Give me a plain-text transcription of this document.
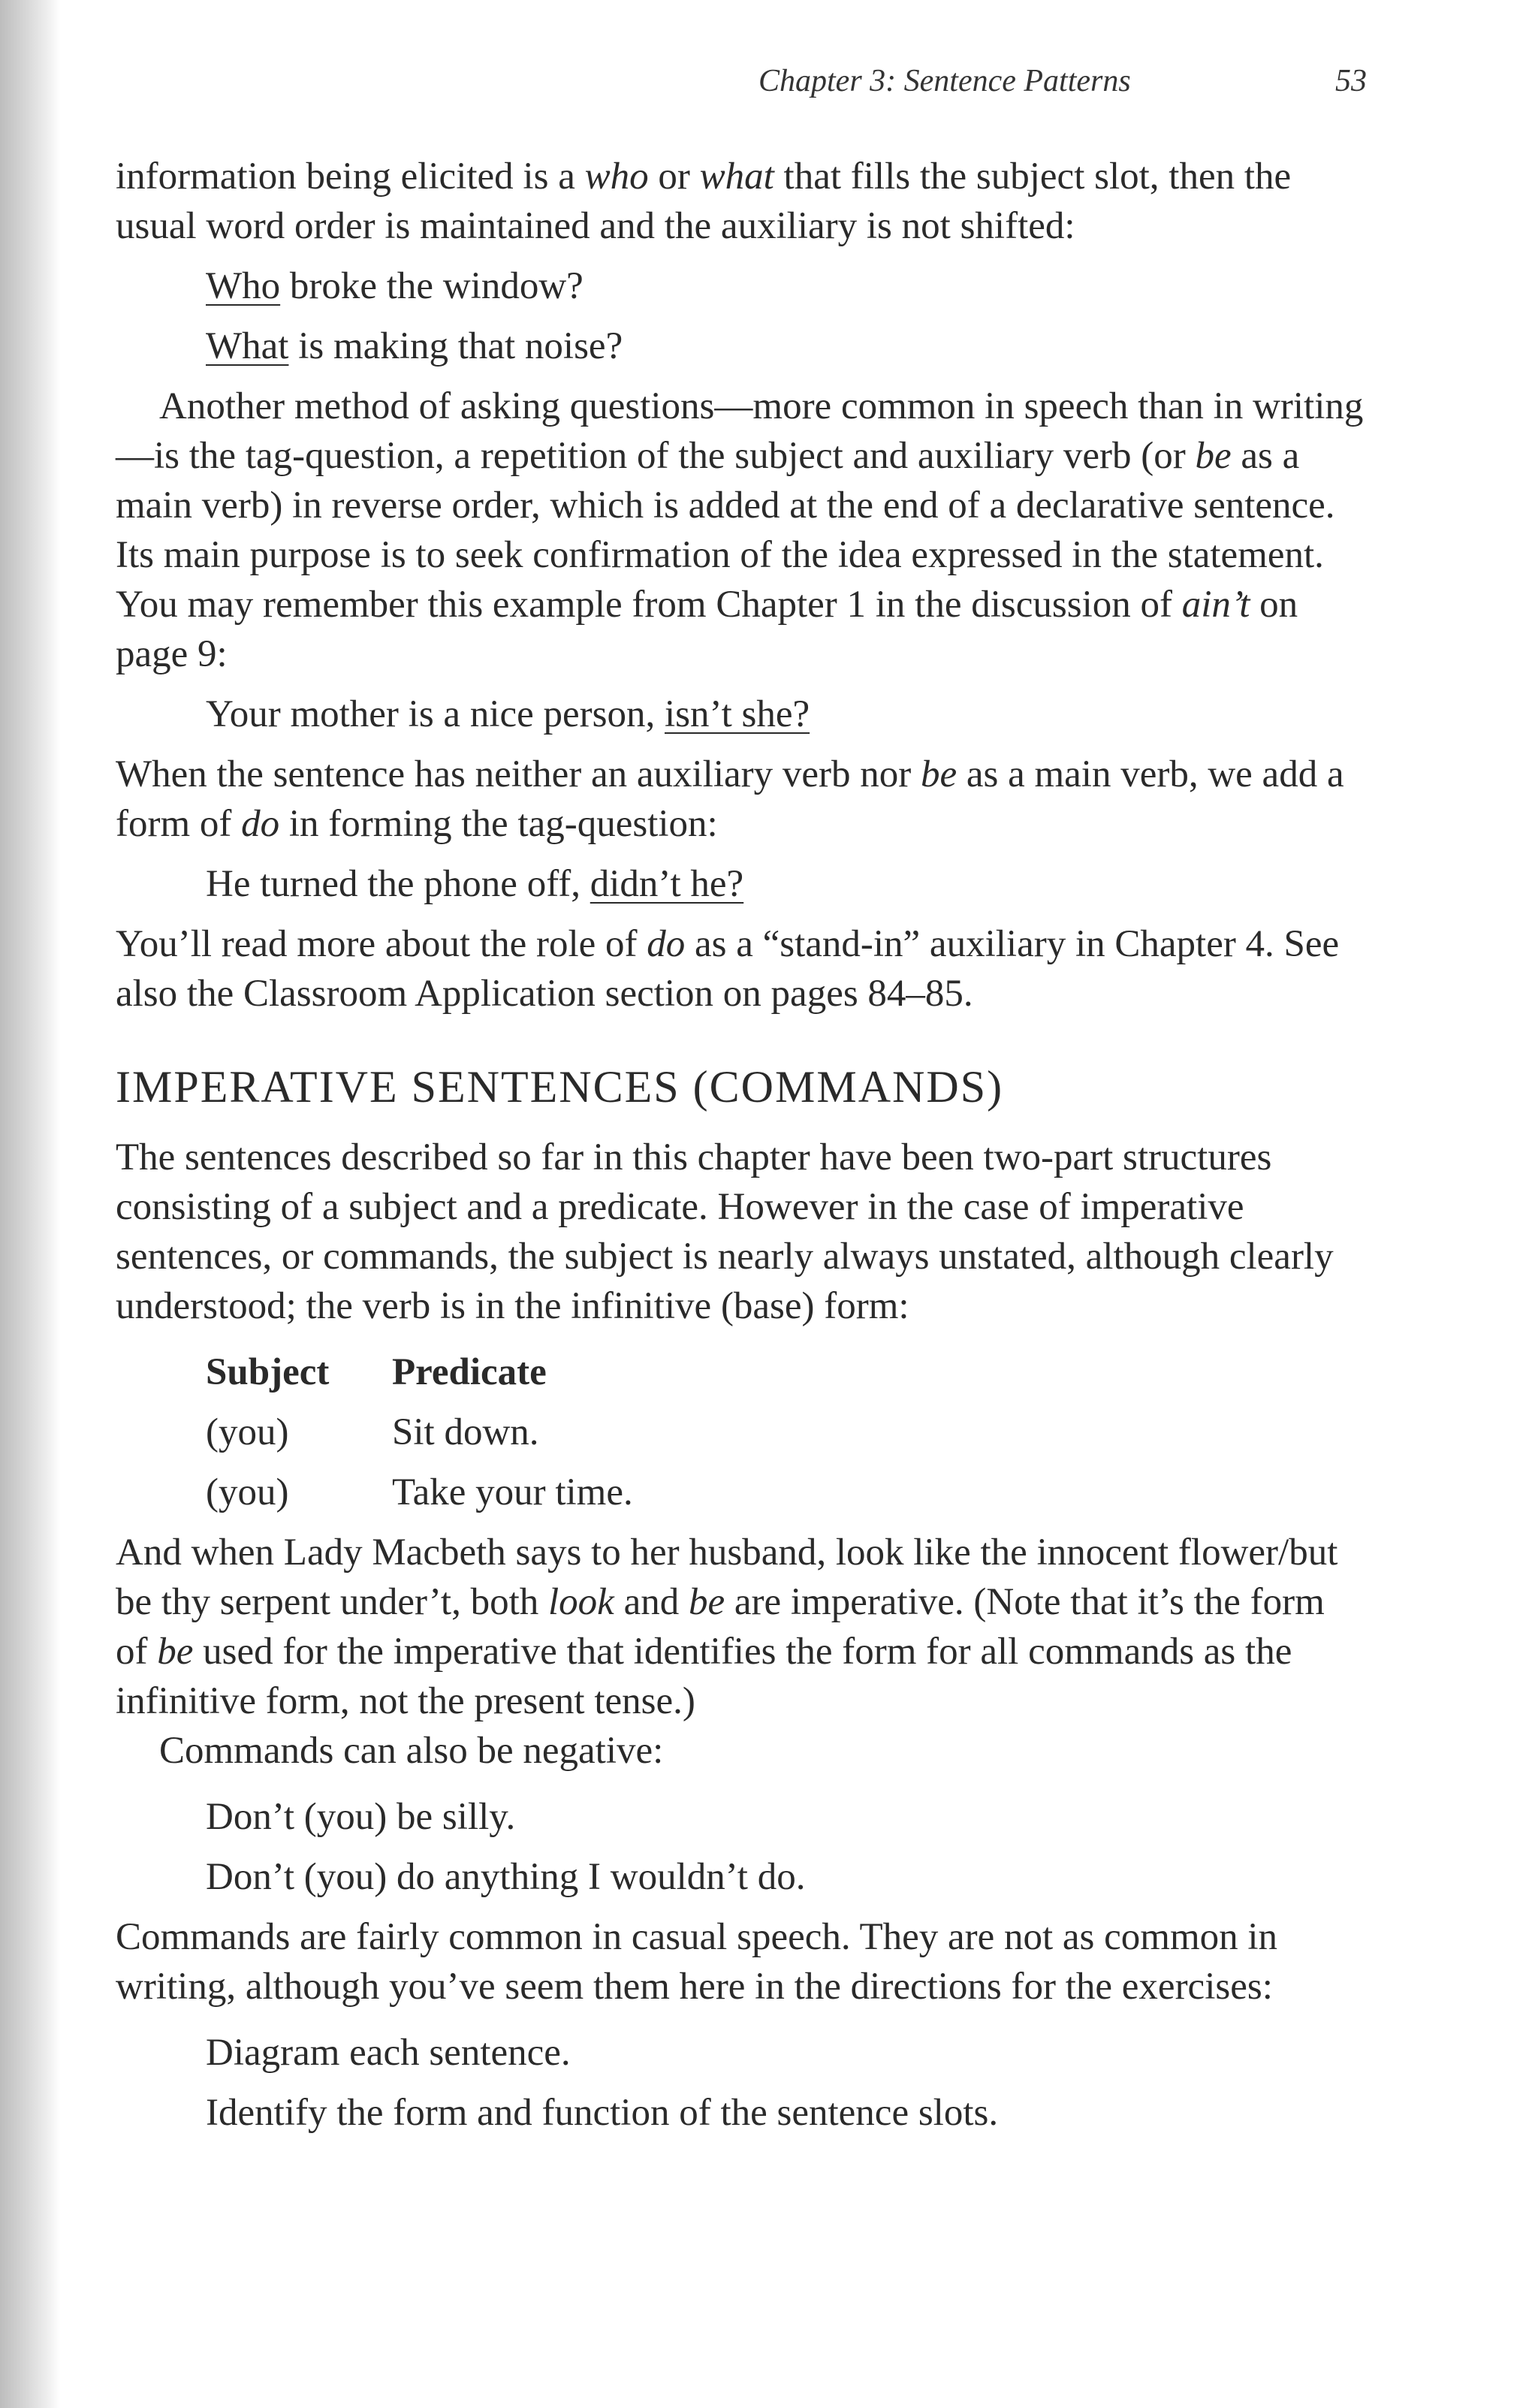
Chapter 3: Sentence Patterns	53

information being elicited is a who or what that fills the subject slot, then the usual word order is maintained and the auxiliary is not shifted:

Who broke the window?
What is making that noise?

Another method of asking questions—more common in speech than in writing—is the tag-question, a repetition of the subject and auxiliary verb (or be as a main verb) in reverse order, which is added at the end of a declarative sentence. Its main purpose is to seek confirmation of the idea expressed in the statement. You may remember this example from Chapter 1 in the discussion of ain’t on page 9:

Your mother is a nice person, isn’t she?

When the sentence has neither an auxiliary verb nor be as a main verb, we add a form of do in forming the tag-question:

He turned the phone off, didn’t he?

You’ll read more about the role of do as a “stand-in” auxiliary in Chapter 4. See also the Classroom Application section on pages 84–85.

IMPERATIVE SENTENCES (COMMANDS)

The sentences described so far in this chapter have been two-part structures consisting of a subject and a predicate. However in the case of imperative sentences, or commands, the subject is nearly always unstated, although clearly understood; the verb is in the infinitive (base) form:

Subject	Predicate
(you)	Sit down.
(you)	Take your time.

And when Lady Macbeth says to her husband, look like the innocent flower/but be thy serpent under’t, both look and be are imperative. (Note that it’s the form of be used for the imperative that identifies the form for all commands as the infinitive form, not the present tense.)

Commands can also be negative:

Don’t (you) be silly.
Don’t (you) do anything I wouldn’t do.

Commands are fairly common in casual speech. They are not as common in writing, although you’ve seem them here in the directions for the exercises:

Diagram each sentence.
Identify the form and function of the sentence slots.
